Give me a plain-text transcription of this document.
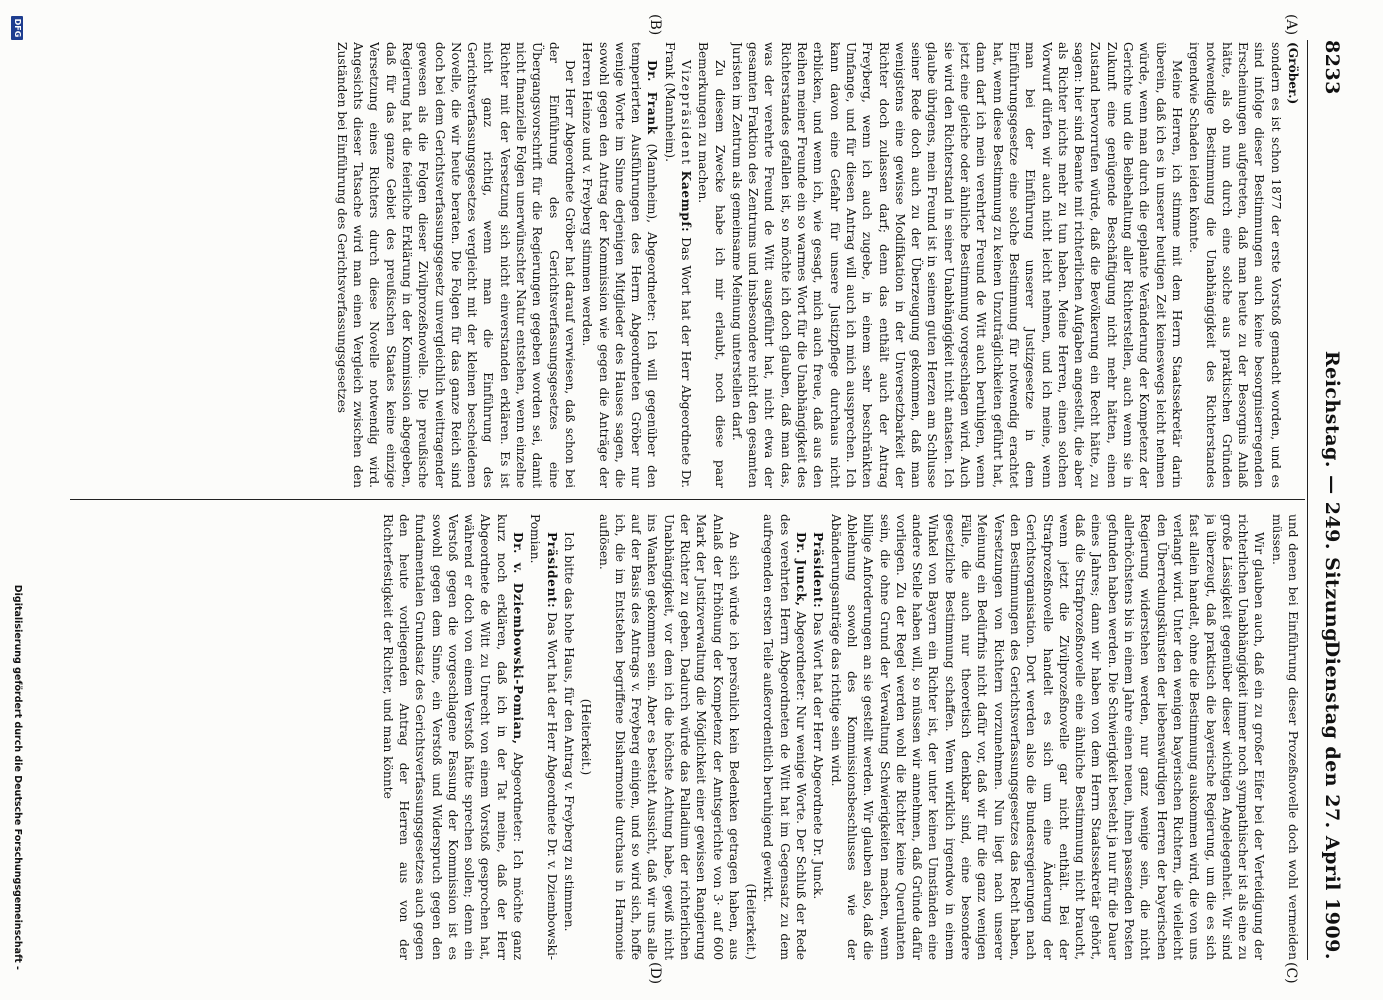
8233
Reichstag. — 249. Sitzung.
Dienstag den 27. April 1909.
(A)
(B)
(C)
(D)

(Gröber.)

sondern es ist schon 1877 der erste Vorstoß gemacht worden, und es sind infolge dieser Bestimmungen auch keine besorgniserregenden Erscheinungen aufgetreten, daß man heute zu der Besorgnis Anlaß hätte, als ob nun durch eine solche aus praktischen Gründen notwendige Bestimmung die Unabhängigkeit des Richterstandes irgendwie Schaden leiden könnte.

Meine Herren, ich stimme mit dem Herrn Staatssekretär darin überein, daß ich es in unserer heutigen Zeit keineswegs leicht nehmen würde, wenn man durch die geplante Veränderung der Kompetenz der Gerichte und die Beibehaltung aller Richterstellen, auch wenn sie in Zukunft eine genügende Beschäftigung nicht mehr hätten, einen Zustand hervorrufen würde, daß die Bevölkerung ein Recht hätte, zu sagen: hier sind Beamte mit richterlichen Aufgaben angestellt, die aber als Richter nichts mehr zu tun haben. Meine Herren, einen solchen Vorwurf dürfen wir auch nicht leicht nehmen, und ich meine, wenn man bei der Einführung unserer Justizgesetze in dem Einführungsgesetze eine solche Bestimmung für notwendig erachtet hat, wenn diese Bestimmung zu keinen Unzuträglichkeiten geführt hat, dann darf ich mein verehrter Freund de Witt auch beruhigen, wenn jetzt eine gleiche oder ähnliche Bestimmung vorgeschlagen wird. Auch sie wird den Richterstand in seiner Unabhängigkeit nicht antasten. Ich glaube übrigens, mein Freund ist in seinem guten Herzen am Schlusse seiner Rede doch auch zu der Überzeugung gekommen, daß man wenigstens eine gewisse Modifikation in der Unversetzbarkeit der Richter doch zulassen darf; denn das enthält auch der Antrag Freyberg, wenn ich auch zugebe, in einem sehr beschränkten Umfange, und für diesen Antrag will auch ich mich aussprechen. Ich kann davon eine Gefahr für unsere Justizpflege durchaus nicht erblicken, und wenn ich, wie gesagt, mich auch freue, daß aus den Reihen meiner Freunde ein so warmes Wort für die Unabhängigkeit des Richterstandes gefallen ist, so möchte ich doch glauben, daß man das, was der verehrte Freund de Witt ausgeführt hat, nicht etwa der gesamten Fraktion des Zentrums und insbesondere nicht den gesamten Juristen im Zentrum als gemeinsame Meinung unterstellen darf.

Zu diesem Zwecke habe ich mir erlaubt, noch diese paar Bemerkungen zu machen.

Vizepräsident Kaempf: Das Wort hat der Herr Abgeordnete Dr. Frank (Mannheim).

Dr. Frank (Mannheim), Abgeordneter: Ich will gegenüber den temperierten Ausführungen des Herrn Abgeordneten Gröber nur wenige Worte im Sinne derjenigen Mitglieder des Hauses sagen, die sowohl gegen den Antrag der Kommission wie gegen die Anträge der Herren Heinze und v. Freyberg stimmen werden.

Der Herr Abgeordnete Gröber hat darauf verwiesen, daß schon bei der Einführung des Gerichtsverfassungsgesetzes eine Übergangsvorschrift für die Regierungen gegeben worden sei, damit nicht finanzielle Folgen unerwünschter Natur entstehen, wenn einzelne Richter mit der Versetzung sich nicht einverstanden erklären. Es ist nicht ganz richtig, wenn man die Einführung des Gerichtsverfassungsgesetzes vergleicht mit der kleinen bescheidenen Novelle, die wir heute beraten. Die Folgen für das ganze Reich sind doch bei dem Gerichtsverfassungsgesetz unvergleichlich weittragender gewesen als die Folgen dieser Zivilprozeßnovelle. Die preußische Regierung hat die feierliche Erklärung in der Kommission abgegeben, daß für das ganze Gebiet des preußischen Staates keine einzige Versetzung eines Richters durch diese Novelle notwendig wird. Angesichts dieser Tatsache wird man einen Vergleich zwischen den Zuständen bei Einführung des Gerichtsverfassungsgesetzes

und denen bei Einführung dieser Prozeßnovelle doch wohl vermeiden müssen.

Wir glauben auch, daß ein zu großer Eifer bei der Verteidigung der richterlichen Unabhängigkeit immer noch sympathischer ist als eine zu große Lässigkeit gegenüber dieser wichtigen Angelegenheit. Wir sind ja überzeugt, daß praktisch die bayerische Regierung, um die es sich fast allein handelt, ohne die Bestimmung auskommen wird, die von uns verlangt wird. Unter den wenigen bayerischen Richtern, die vielleicht den Überredungskünsten der liebenswürdigen Herren der bayerischen Regierung widerstehen werden, nur ganz wenige sein, die nicht allerhöchstens bis in einem Jahre einen neuen, ihnen passenden Posten gefunden haben werden. Die Schwierigkeit besteht ja nur für die Dauer eines Jahres; dann wir haben von dem Herrn Staatssekretär gehört, daß die Strafprozeßnovelle eine ähnliche Bestimmung nicht braucht, wenn jetzt die Zivilprozeßnovelle gar nicht enthält. Bei der Strafprozeßnovelle handelt es sich um eine Änderung der Gerichtsorganisation. Dort werden also die Bundesregierungen nach den Bestimmungen des Gerichtsverfassungsgesetzes das Recht haben, Versetzungen von Richtern vorzunehmen. Nun liegt nach unserer Meinung ein Bedürfnis nicht dafür vor, daß wir für die ganz wenigen Fälle, die auch nur theoretisch denkbar sind, eine besondere gesetzliche Bestimmung schaffen. Wenn wirklich irgendwo in einem Winkel von Bayern ein Richter ist, der unter keinen Umständen eine andere Stelle haben will, so müssen wir annehmen, daß Gründe dafür vorliegen. Zu der Regel werden wohl die Richter keine Querulanten sein, die ohne Grund der Verwaltung Schwierigkeiten machen, wenn billige Anforderungen an sie gestellt werden. Wir glauben also, daß die Ablehnung sowohl des Kommissionsbeschlusses wie der Abänderungsanträge das richtige sein wird.

Präsident: Das Wort hat der Herr Abgeordnete Dr. Junck.

Dr. Junck, Abgeordneter: Nur wenige Worte. Der Schluß der Rede des verehrten Herrn Abgeordneten de Witt hat im Gegensatz zu dem aufregenden ersten Teile außerordentlich beruhigend gewirkt.

(Heiterkeit.)

An sich würde ich persönlich kein Bedenken getragen haben, aus Anlaß der Erhöhung der Kompetenz der Amtsgerichte von 3· auf 600 Mark der Justizverwaltung die Möglichkeit einer gewissen Rangierung der Richter zu geben. Dadurch würde das Palladium der richterlichen Unabhängigkeit, vor dem ich die höchste Achtung habe, gewiß nicht ins Wanken gekommen sein. Aber es besteht Aussicht, daß wir uns alle auf der Basis des Antrags v. Freyberg einigen, und so wird sich, hoffe ich, die im Entstehen begriffene Disharmonie durchaus in Harmonie auflösen.

(Heiterkeit.)

Ich bitte das hohe Haus, für den Antrag v. Freyberg zu stimmen.

Präsident: Das Wort hat der Herr Abgeordnete Dr. v. Dziembowski-Pomian.

Dr. v. Dziembowski-Pomian, Abgeordneter: Ich möchte ganz kurz noch erklären, daß ich in der Tat meine, daß der Herr Abgeordnete de Witt zu Unrecht von einem Vorstoß gesprochen hat, während er doch von einem Verstoß hätte sprechen sollen; denn ein Verstoß gegen die vorgeschlagene Fassung der Kommission ist es sowohl gegen dem Sinne, ein Verstoß und Widerspruch gegen den fundamentalen Grundsatz des Gerichtsverfassungsgesetzes auch gegen den heute vorliegenden Antrag der Herren aus von der Richterfestigkeit der Richter, und man könnte

DFG
Digitalisierung gefördert durch die Deutsche Forschungsgemeinschaft -
